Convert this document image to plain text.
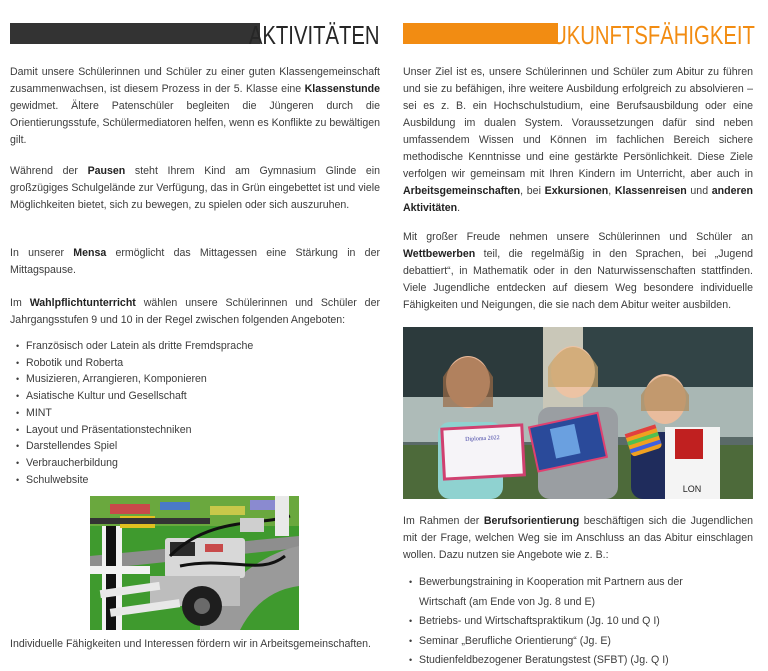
AKTIVITÄTEN

Damit unsere Schülerinnen und Schüler zu einer guten Klassengemeinschaft zusammenwachsen, ist diesem Prozess in der 5. Klasse eine Klassenstunde gewidmet. Ältere Patenschüler begleiten die Jüngeren durch die Orientierungsstufe, Schülermediatoren helfen, wenn es Konflikte zu bewältigen gilt.

Während der Pausen steht Ihrem Kind am Gymnasium Glinde ein großzügiges Schulgelände zur Verfügung, das in Grün eingebettet ist und viele Möglichkeiten bietet, sich zu bewegen, zu spielen oder sich auszuruhen.

In unserer Mensa ermöglicht das Mittagessen eine Stärkung in der Mittagspause.

Im Wahlpflichtunterricht wählen unsere Schülerinnen und Schüler der Jahrgangsstufen 9 und 10 in der Regel zwischen folgenden Angeboten:

• Französisch oder Latein als dritte Fremdsprache
• Robotik und Roberta
• Musizieren, Arrangieren, Komponieren
• Asiatische Kultur und Gesellschaft
• MINT
• Layout und Präsentationstechniken
• Darstellendes Spiel
• Verbraucherbildung
• Schulwebsite

Individuelle Fähigkeiten und Interessen fördern wir in Arbeitsgemeinschaften.

ZUKUNFTSFÄHIGKEIT

Unser Ziel ist es, unsere Schülerinnen und Schüler zum Abitur zu führen und sie zu befähigen, ihre weitere Ausbildung erfolgreich zu absolvieren – sei es z. B. ein Hochschulstudium, eine Berufsausbildung oder eine Ausbildung im dualen System. Voraussetzungen dafür sind neben umfassendem Wissen und Können im fachlichen Bereich sichere methodische Kenntnisse und eine gestärkte Persönlichkeit. Diese Ziele verfolgen wir gemeinsam mit Ihren Kindern im Unterricht, aber auch in Arbeitsgemeinschaften, bei Exkursionen, Klassenreisen und anderen Aktivitäten.

Mit großer Freude nehmen unsere Schülerinnen und Schüler an Wettbewerben teil, die regelmäßig in den Sprachen, bei „Jugend debattiert“, in Mathematik oder in den Naturwissenschaften stattfinden. Viele Jugendliche entdecken auf diesem Weg besondere individuelle Fähigkeiten und Neigungen, die sie nach dem Abitur weiter ausbilden.

Diploma 2022
LON

Im Rahmen der Berufsorientierung beschäftigen sich die Jugendlichen mit der Frage, welchen Weg sie im Anschluss an das Abitur einschlagen wollen. Dazu nutzen sie Angebote wie z. B.:

• Bewerbungstraining in Kooperation mit Partnern aus der Wirtschaft (am Ende von Jg. 8 und E)
• Betriebs- und Wirtschaftspraktikum (Jg. 10 und Q I)
• Seminar „Berufliche Orientierung“ (Jg. E)
• Studienfeldbezogener Beratungstest (SFBT) (Jg. Q I)
